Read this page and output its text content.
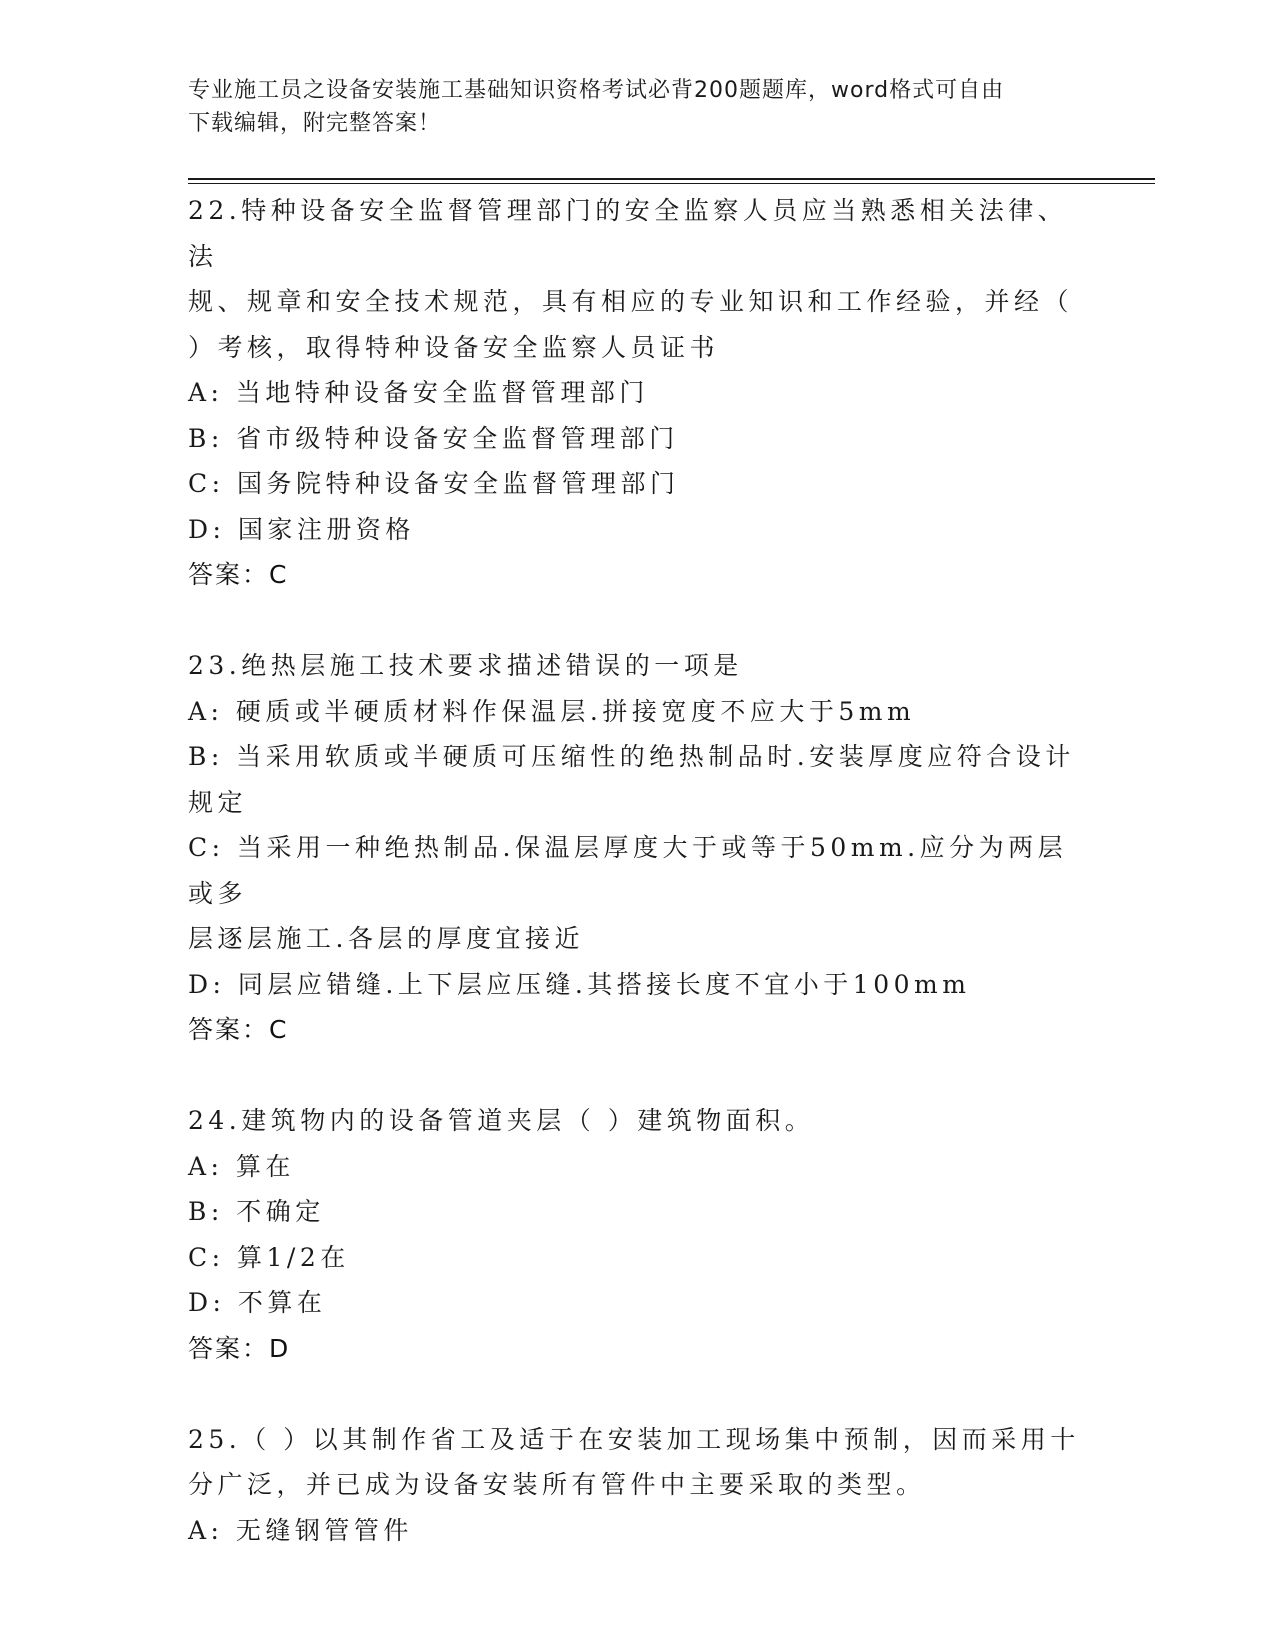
专业施工员之设备安装施工基础知识资格考试必背200题题库，word格式可自由
下载编辑，附完整答案！
22.特种设备安全监督管理部门的安全监察人员应当熟悉相关法律、法
规、规章和安全技术规范，具有相应的专业知识和工作经验，并经（
）考核，取得特种设备安全监察人员证书
A: 当地特种设备安全监督管理部门
B: 省市级特种设备安全监督管理部门
C: 国务院特种设备安全监督管理部门
D: 国家注册资格
答案：C
23.绝热层施工技术要求描述错误的一项是
A: 硬质或半硬质材料作保温层.拼接宽度不应大于5mm
B: 当采用软质或半硬质可压缩性的绝热制品时.安装厚度应符合设计
规定
C: 当采用一种绝热制品.保温层厚度大于或等于50mm.应分为两层或多
层逐层施工.各层的厚度宜接近
D: 同层应错缝.上下层应压缝.其搭接长度不宜小于100mm
答案：C
24.建筑物内的设备管道夹层（ ）建筑物面积。
A: 算在
B: 不确定
C: 算1/2在
D: 不算在
答案：D
25.（ ）以其制作省工及适于在安装加工现场集中预制，因而采用十
分广泛，并已成为设备安装所有管件中主要采取的类型。
A: 无缝钢管管件
